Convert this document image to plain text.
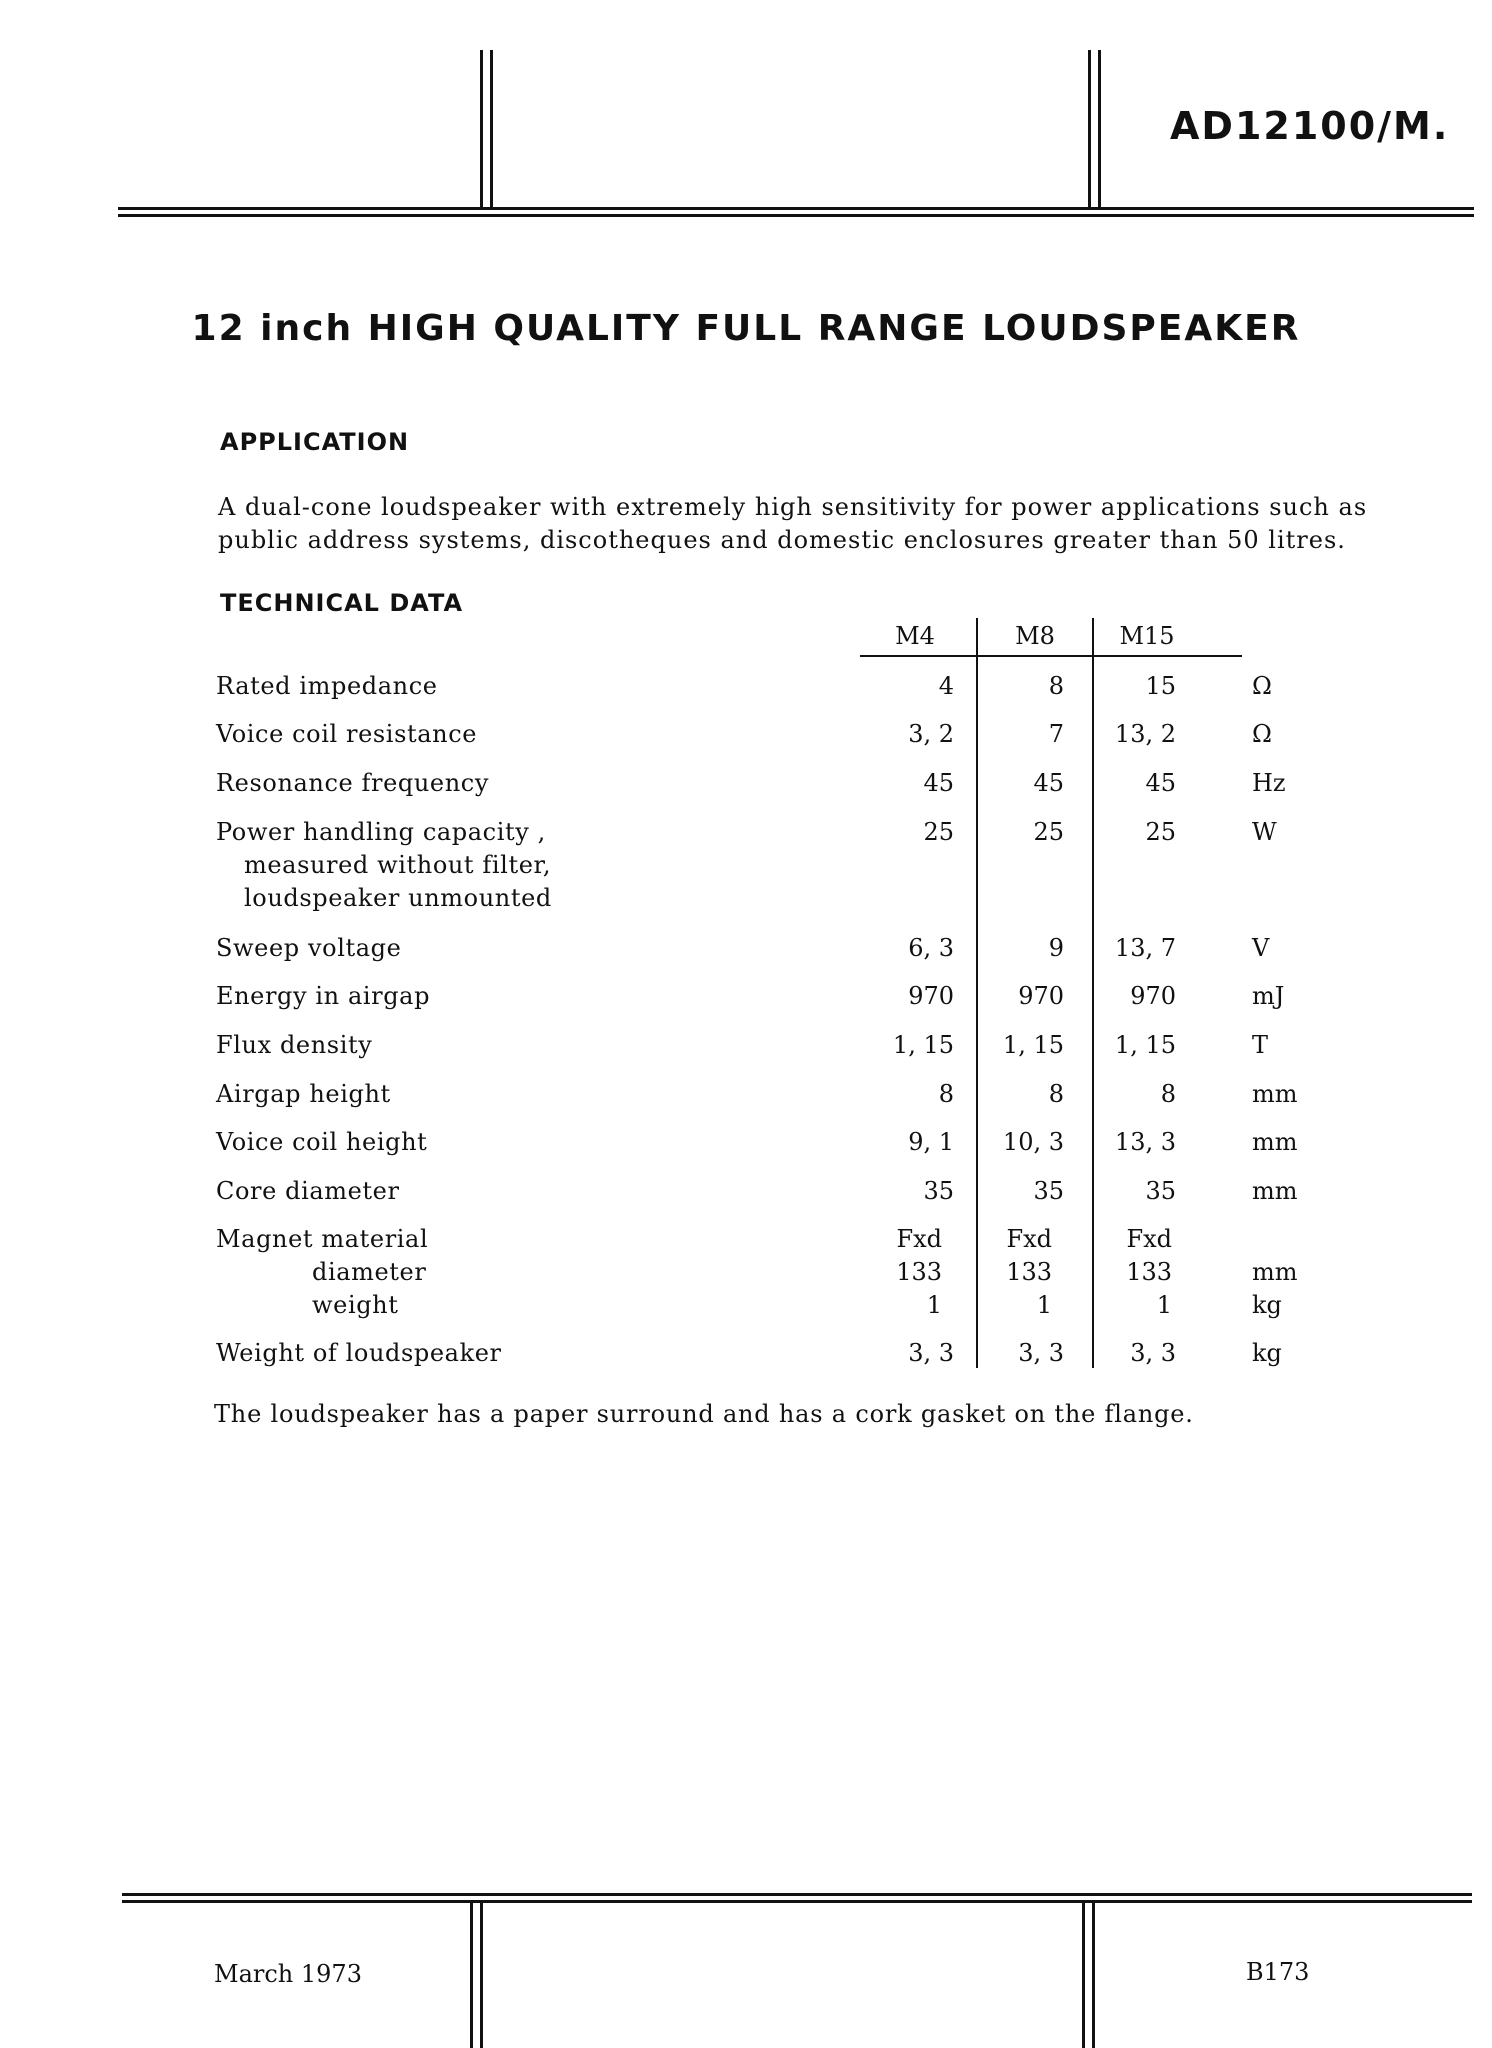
AD12100/M.
12 inch HIGH QUALITY FULL RANGE LOUDSPEAKER
APPLICATION
A dual-cone loudspeaker with extremely high sensitivity for power applications such as public address systems, discotheques and domestic enclosures greater than 50 litres.
TECHNICAL DATA
M4	M8	M15
Rated impedance	4	8	15	Ω
Voice coil resistance	3, 2	7	13, 2	Ω
Resonance frequency	45	45	45	Hz
Power handling capacity ,
measured without filter,
loudspeaker unmounted
25	25	25	W
Sweep voltage	6, 3	9	13, 7	V
Energy in airgap	970	970	970	mJ
Flux density	1, 15	1, 15	1, 15	T
Airgap height	8	8	8	mm
Voice coil height	9, 1	10, 3	13, 3	mm
Core diameter	35	35	35	mm
Magnet material	Fxd	Fxd	Fxd
diameter	133	133	133	mm
weight	1	1	1	kg
Weight of loudspeaker	3, 3	3, 3	3, 3	kg
The loudspeaker has a paper surround and has a cork gasket on the flange.
March 1973	B173
